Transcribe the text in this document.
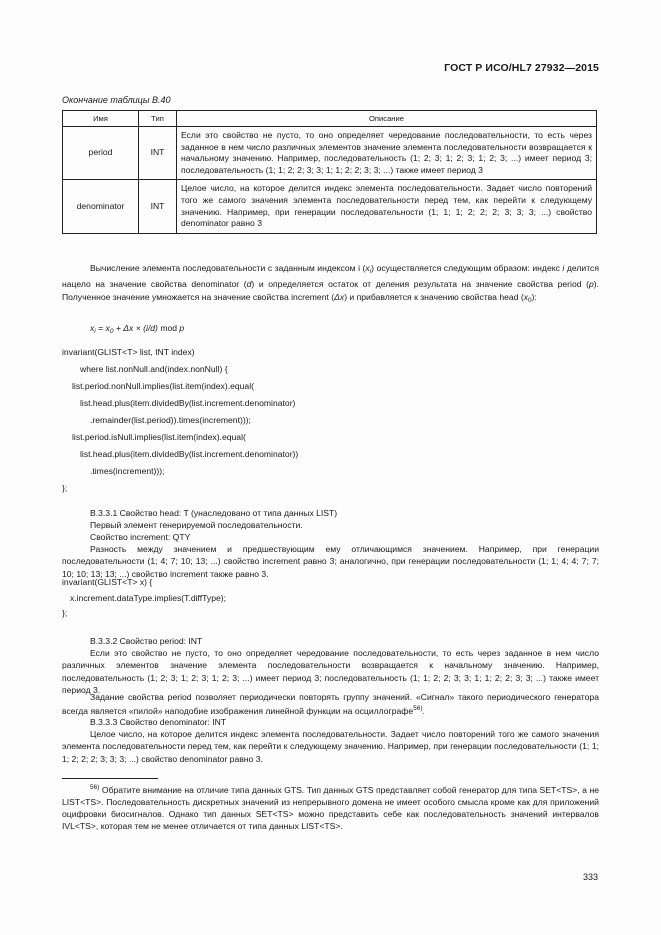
ГОСТ Р ИСО/HL7 27932—2015
Окончание таблицы В.40
Имя	Тип	Описание
period	INT	Если это свойство не пусто, то оно определяет чередование последовательности, то есть через заданное в нем число различных элементов значение элемента последовательности возвращается к начальному значению. Например, последовательность (1; 2; 3; 1; 2; 3; 1; 2; 3; ...) имеет период 3; последовательность (1; 1; 2; 2; 3; 3; 1; 1; 2; 2; 3; 3; ...) также имеет период 3
denominator	INT	Целое число, на которое делится индекс элемента последовательности. Задает число повторений того же самого значения элемента последовательности перед тем, как перейти к следующему значению. Например, при генерации последовательности (1; 1; 1; 2; 2; 2; 3; 3; 3; ...) свойство denominator равно 3
Вычисление элемента последовательности с заданным индексом i $(x_i)$ осуществляется следующим образом: индекс i делится нацело на значение свойства denominator (d) и определяется остаток от деления результата на значение свойства period (p). Полученное значение умножается на значение свойства increment (Δx) и прибавляется к значению свойства head $(x_0)$:
$x_i = x_0 + \Delta x \times (i/d)$ mod p
invariant(GLIST<T> list, INT index)
where list.nonNull.and(index.nonNull) {
list.period.nonNull.implies(list.item(index).equal(
list.head.plus(item.dividedBy(list.increment.denominator)
.remainder(list.period)).times(increment)));
list.period.isNull.implies(list.item(index).equal(
list.head.plus(item.dividedBy(list.increment.denominator))
.times(increment)));
};
B.3.3.1 Свойство head: T (унаследовано от типа данных LIST)
Первый элемент генерируемой последовательности.
Свойство increment: QTY
Разность между значением и предшествующим ему отличающимся значением. Например, при генерации последовательности (1; 4; 7; 10; 13; ...) свойство increment равно 3; аналогично, при генерации последовательности (1; 1; 4; 4; 7; 7; 10; 10; 13; 13; ...) свойство increment также равно 3.
invariant(GLIST<T> x) {
x.increment.dataType.implies(T.diffType);
};
B.3.3.2 Свойство period: INT
Если это свойство не пусто, то оно определяет чередование последовательности, то есть через заданное в нем число различных элементов значение элемента последовательности возвращается к начальному значению. Например, последовательность (1; 2; 3; 1; 2; 3; 1; 2; 3; ...) имеет период 3; последовательность (1; 1; 2; 2; 3; 3; 1; 1; 2; 2; 3; 3; ...) также имеет период 3.
Задание свойства period позволяет периодически повторять группу значений. «Сигнал» такого периодического генератора всегда является «пилой» наподобие изображения линейной функции на осциллографе$^{56)}$.
B.3.3.3 Свойство denominator: INT
Целое число, на которое делится индекс элемента последовательности. Задает число повторений того же самого значения элемента последовательности перед тем, как перейти к следующему значению. Например, при генерации последовательности (1; 1; 1; 2; 2; 2; 3; 3; 3; ...) свойство denominator равно 3.
$^{56)}$ Обратите внимание на отличие типа данных GTS. Тип данных GTS представляет собой генератор для типа SET<TS>, а не LIST<TS>. Последовательность дискретных значений из непрерывного домена не имеет особого смысла кроме как для приложений оцифровки биосигналов. Однако тип данных SET<TS> можно представить себе как последовательность значений интервалов IVL<TS>, которая тем не менее отличается от типа данных LIST<TS>.
333
